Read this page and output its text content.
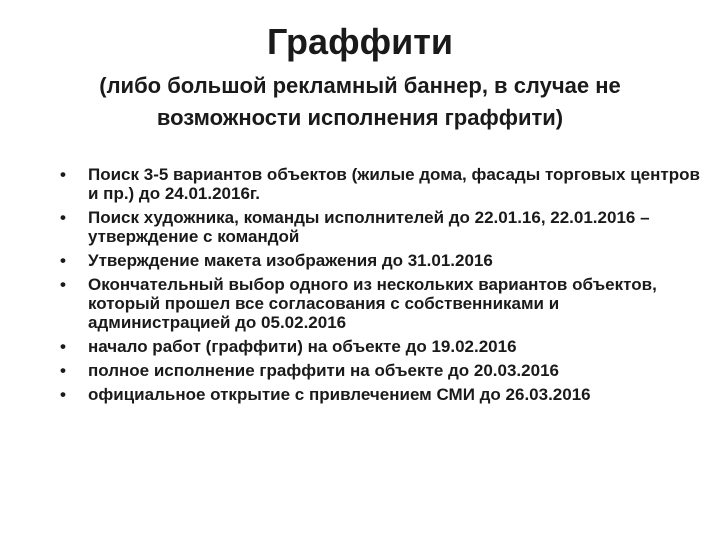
Граффити
(либо большой рекламный баннер, в случае не возможности исполнения граффити)
•	Поиск 3-5 вариантов объектов (жилые дома, фасады торговых центров и пр.) до 24.01.2016г.
•	Поиск художника, команды исполнителей до 22.01.16, 22.01.2016 – утверждение с командой
•	Утверждение макета изображения до 31.01.2016
•	Окончательный выбор одного из нескольких вариантов объектов, который прошел все согласования с собственниками и администрацией до 05.02.2016
•	начало работ (граффити) на объекте до 19.02.2016
•	полное исполнение граффити на объекте до 20.03.2016
•	официальное открытие с привлечением СМИ до 26.03.2016
